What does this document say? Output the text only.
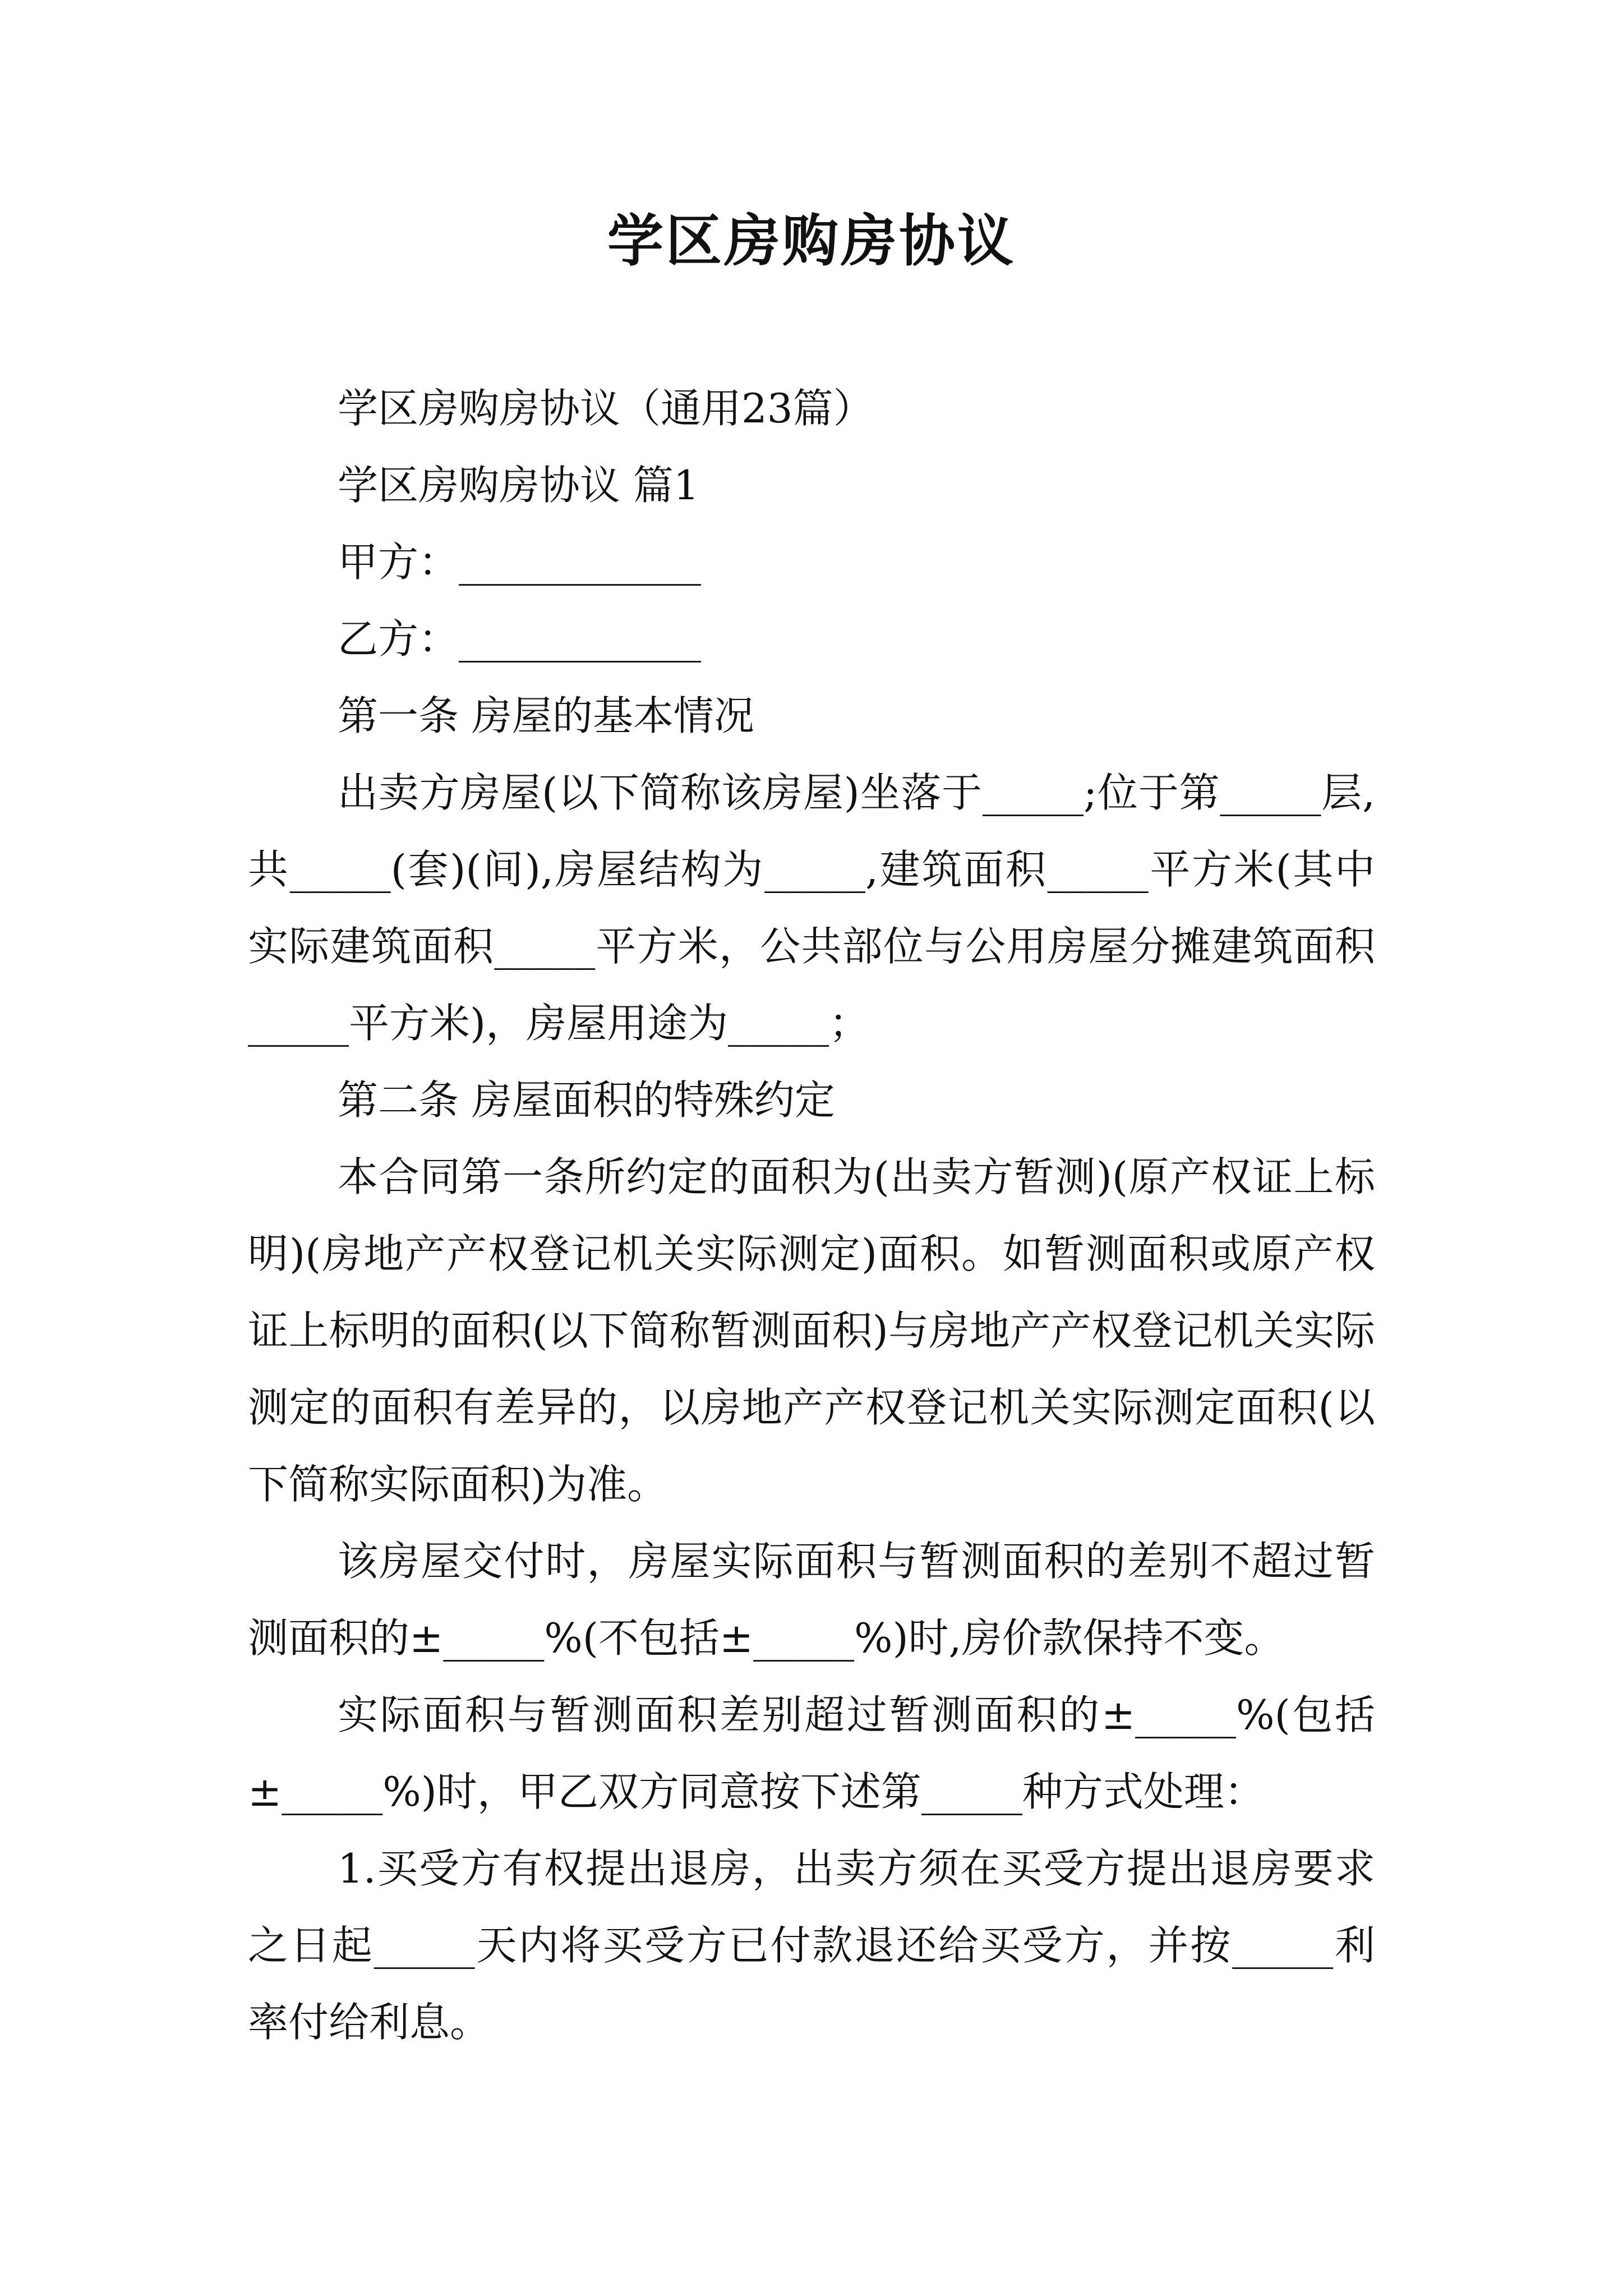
学区房购房协议

学区房购房协议（通用23篇）

学区房购房协议 篇1

甲方：____________

乙方：____________

第一条 房屋的基本情况

出卖方房屋(以下简称该房屋)坐落于_____;位于第_____层,共_____(套)(间),房屋结构为_____,建筑面积_____平方米(其中实际建筑面积_____平方米，公共部位与公用房屋分摊建筑面积_____平方米)，房屋用途为_____；

第二条 房屋面积的特殊约定

本合同第一条所约定的面积为(出卖方暂测)(原产权证上标明)(房地产产权登记机关实际测定)面积。如暂测面积或原产权证上标明的面积(以下简称暂测面积)与房地产产权登记机关实际测定的面积有差异的，以房地产产权登记机关实际测定面积(以下简称实际面积)为准。

该房屋交付时，房屋实际面积与暂测面积的差别不超过暂测面积的±_____%(不包括±_____%)时,房价款保持不变。

实际面积与暂测面积差别超过暂测面积的±_____%(包括±_____%)时，甲乙双方同意按下述第_____种方式处理：

1.买受方有权提出退房，出卖方须在买受方提出退房要求之日起_____天内将买受方已付款退还给买受方，并按_____利率付给利息。
